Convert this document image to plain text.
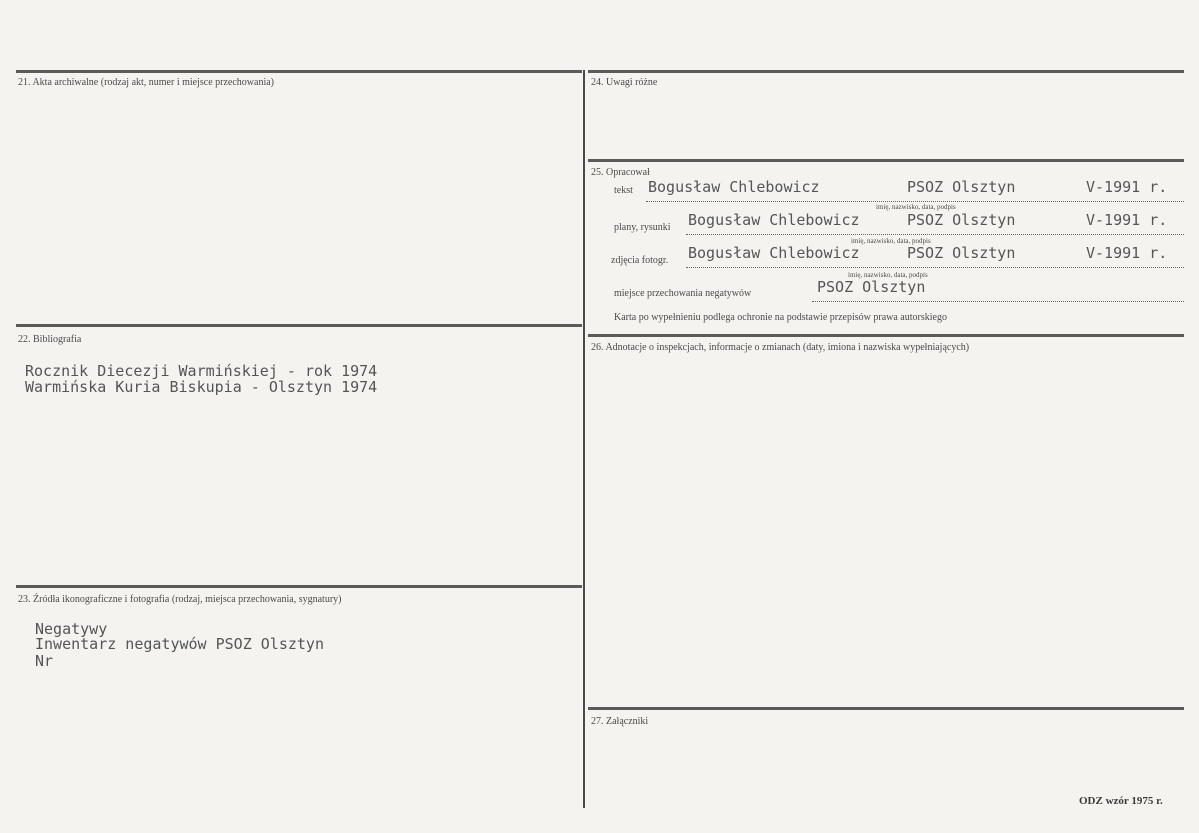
21. Akta archiwalne (rodzaj akt, numer i miejsce przechowania)
22. Bibliografia
Rocznik Diecezji Warmińskiej - rok 1974
Warmińska Kuria Biskupia - Olsztyn 1974
23. Źródła ikonograficzne i fotografia (rodzaj, miejsca przechowania, sygnatury)
Negatywy
Inwentarz negatywów PSOZ Olsztyn
Nr
24. Uwagi różne
25. Opracował
tekst Bogusław Chlebowicz	PSOZ Olsztyn	V-1991 r.
imię, nazwisko, data, podpis
plany, rysunki Bogusław Chlebowicz	PSOZ Olsztyn	V-1991 r.
imię, nazwisko, data, podpis
zdjęcia fotogr. Bogusław Chlebowicz	PSOZ Olsztyn	V-1991 r.
imię, nazwisko, data, podpis
miejsce przechowania negatywów	PSOZ Olsztyn
Karta po wypełnieniu podlega ochronie na podstawie przepisów prawa autorskiego
26. Adnotacje o inspekcjach, informacje o zmianach (daty, imiona i nazwiska wypełniających)
27. Załączniki
ODZ wzór 1975 r.
